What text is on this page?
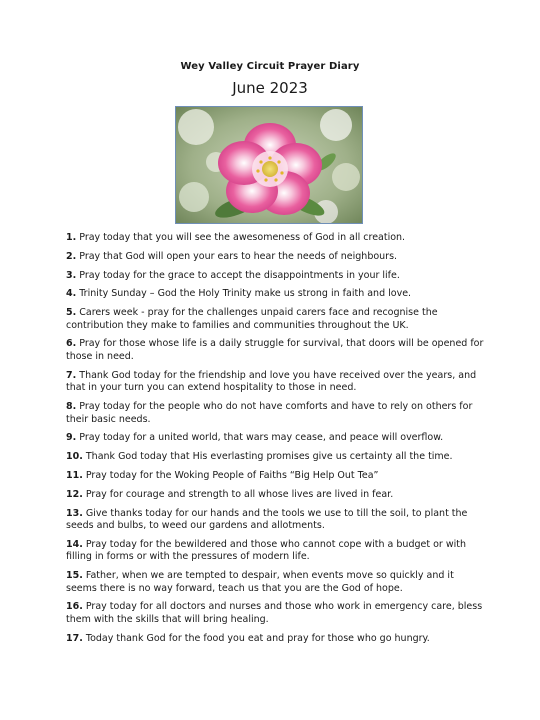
Wey Valley Circuit Prayer Diary
June 2023
1. Pray today that you will see the awesomeness of God in all creation.
2. Pray that God will open your ears to hear the needs of neighbours.
3. Pray today for the grace to accept the disappointments in your life.
4. Trinity Sunday – God the Holy Trinity make us strong in faith and love.
5. Carers week - pray for the challenges unpaid carers face and recognise the contribution they make to families and communities throughout the UK.
6. Pray for those whose life is a daily struggle for survival, that doors will be opened for those in need.
7. Thank God today for the friendship and love you have received over the years, and that in your turn you can extend hospitality to those in need.
8. Pray today for the people who do not have comforts and have to rely on others for their basic needs.
9. Pray today for a united world, that wars may cease, and peace will overflow.
10. Thank God today that His everlasting promises give us certainty all the time.
11. Pray today for the Woking People of Faiths “Big Help Out Tea”
12. Pray for courage and strength to all whose lives are lived in fear.
13. Give thanks today for our hands and the tools we use to till the soil, to plant the seeds and bulbs, to weed our gardens and allotments.
14. Pray today for the bewildered and those who cannot cope with a budget or with filling in forms or with the pressures of modern life.
15. Father, when we are tempted to despair, when events move so quickly and it seems there is no way forward, teach us that you are the God of hope.
16. Pray today for all doctors and nurses and those who work in emergency care, bless them with the skills that will bring healing.
17. Today thank God for the food you eat and pray for those who go hungry.
